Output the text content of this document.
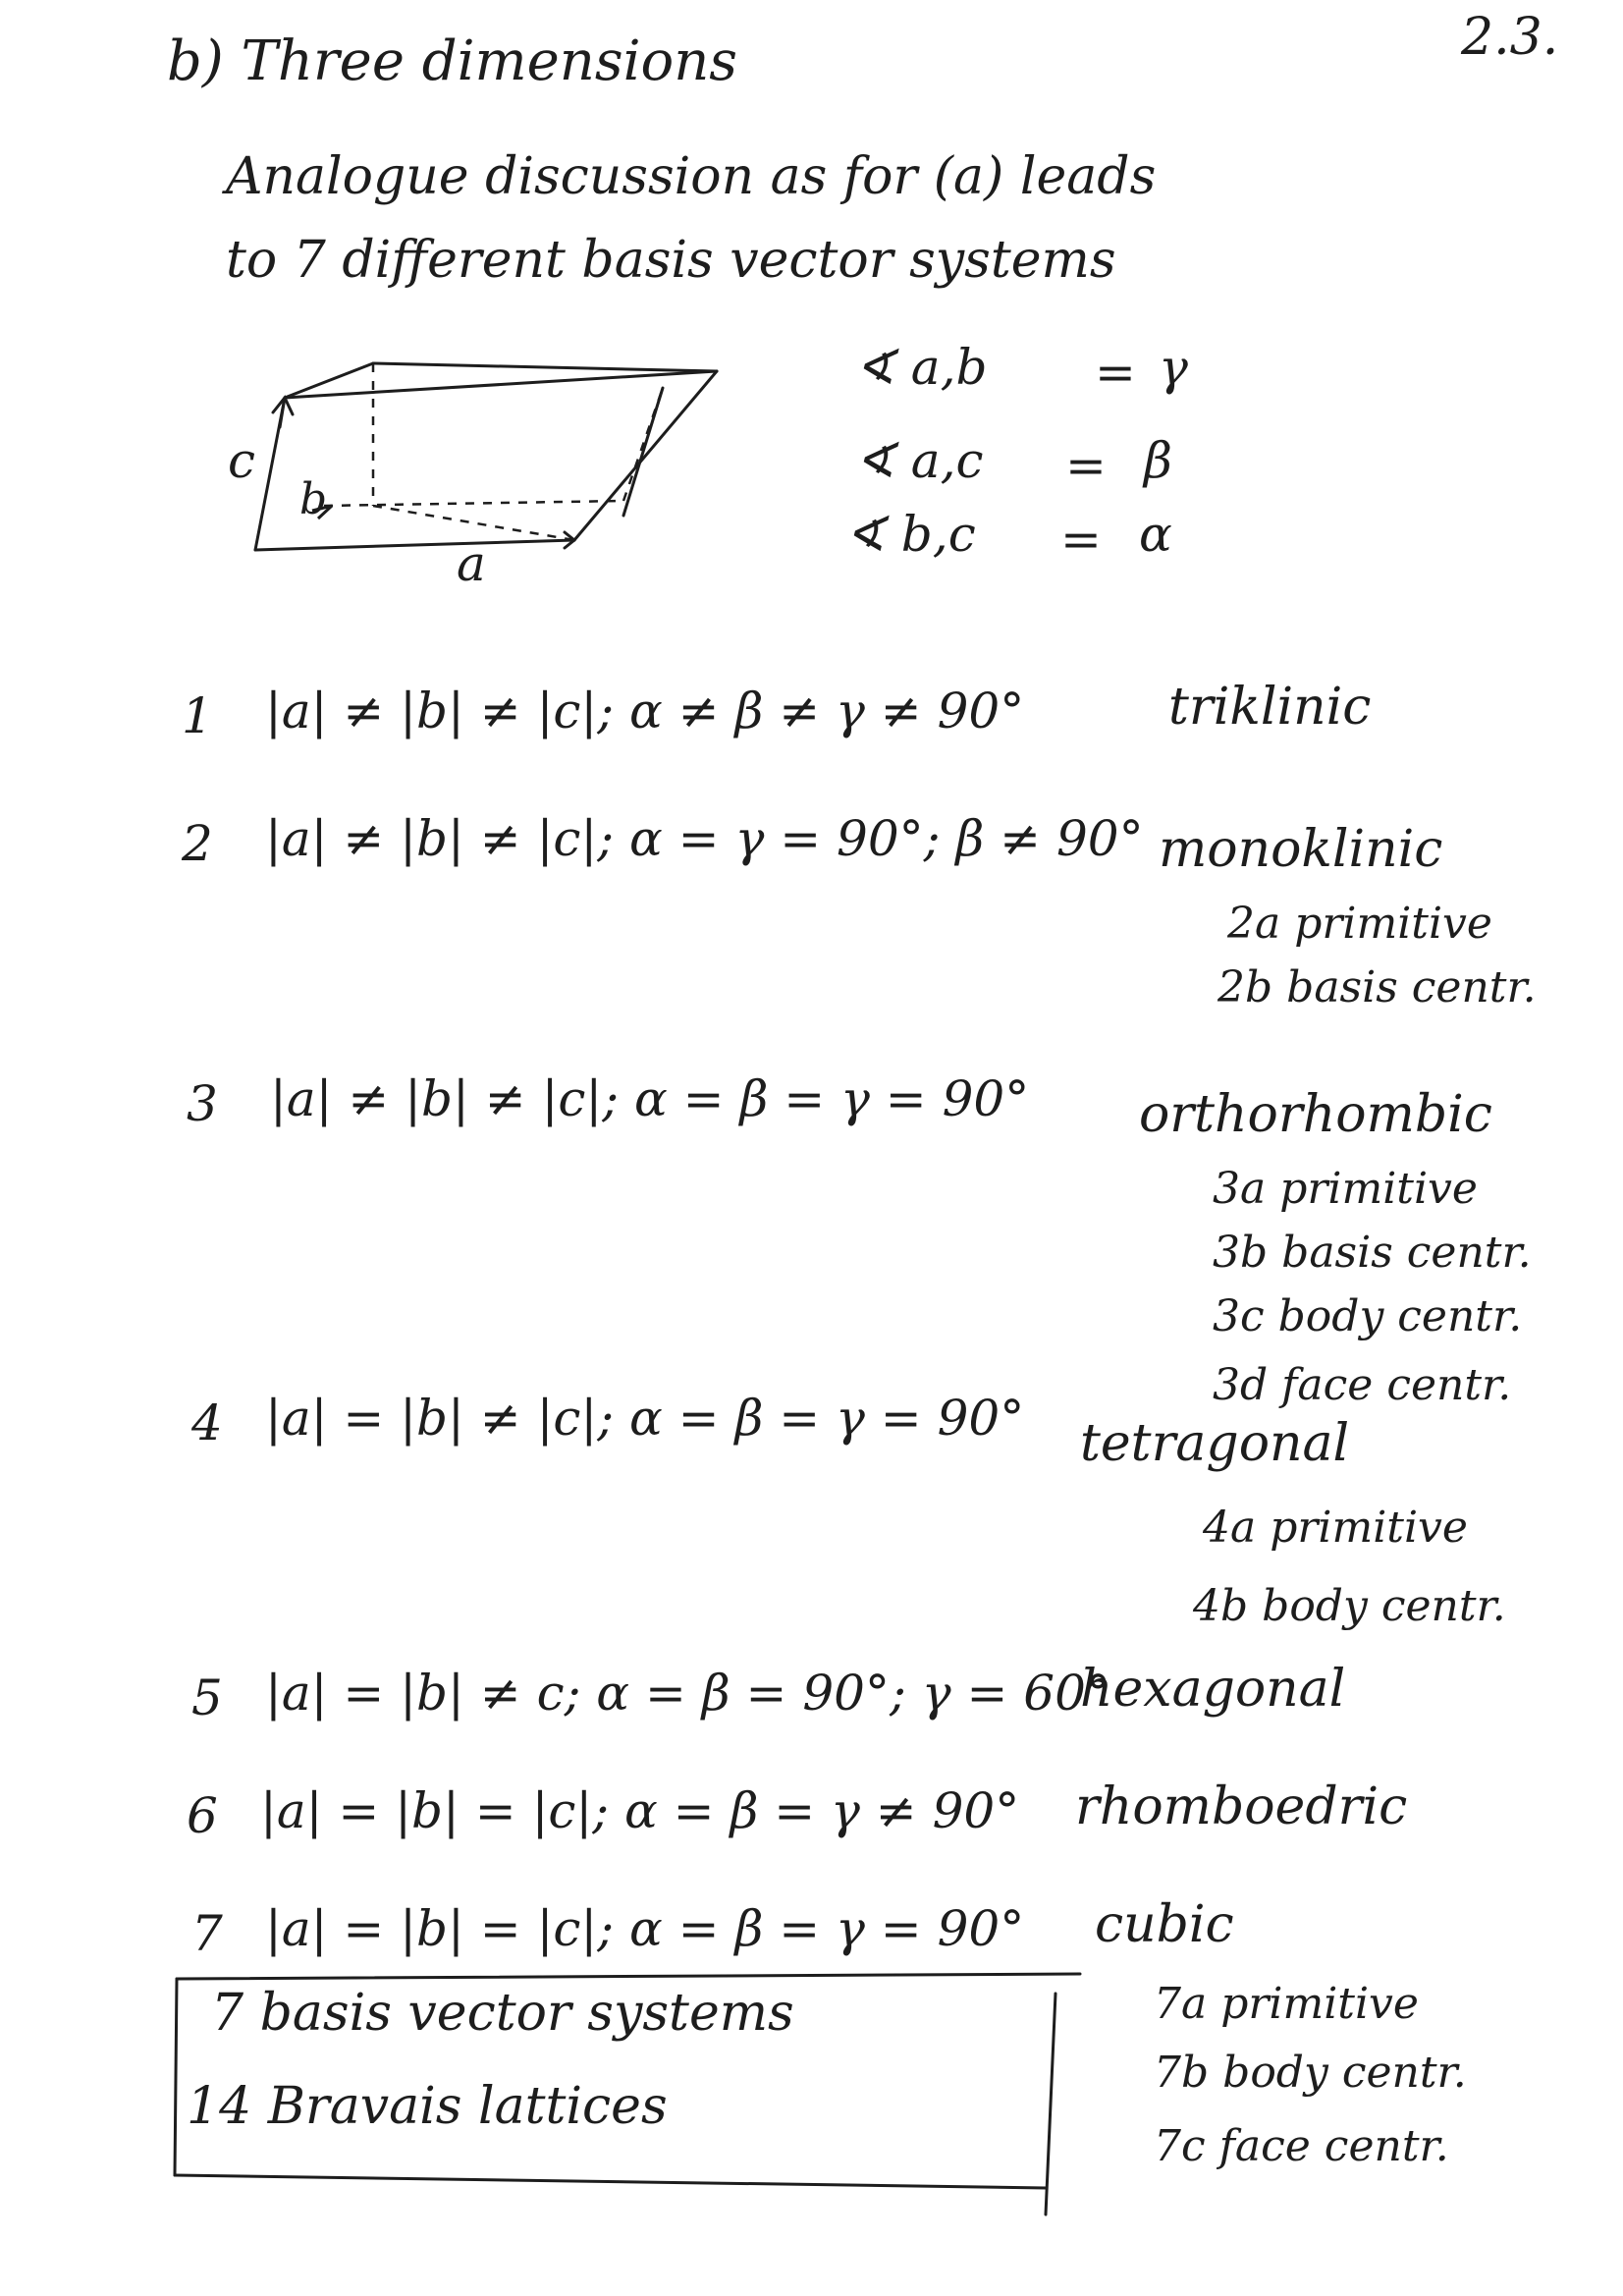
2.3.
b) Three dimensions
Analogue discussion as for (a) leads
to 7 different basis vector systems
c
b
a
∢ a,b = γ
∢ a,c = β
∢ b,c = α
1 |a| ≠ |b| ≠ |c|; α ≠ β ≠ γ ≠ 90°	triklinic
2 |a| ≠ |b| ≠ |c|; α = γ = 90°; β ≠ 90° monoklinic
2a primitive
2b basis centr.
3 |a| ≠ |b| ≠ |c|; α = β = γ = 90° orthorhombic
3a primitive
3b basis centr.
3c body centr.
3d face centr.
4 |a| = |b| ≠ |c|; α = β = γ = 90° tetragonal
4a primitive
4b body centr.
5 |a| = |b| ≠ c; α = β = 90°; γ = 60°
hexagonal
6 |a| = |b| = |c|; α = β = γ ≠ 90° rhomboedric
7 |a| = |b| = |c|; α = β = γ = 90° cubic
7a primitive
7b body centr.
7c face centr.
7 basis vector systems
14 Bravais lattices
